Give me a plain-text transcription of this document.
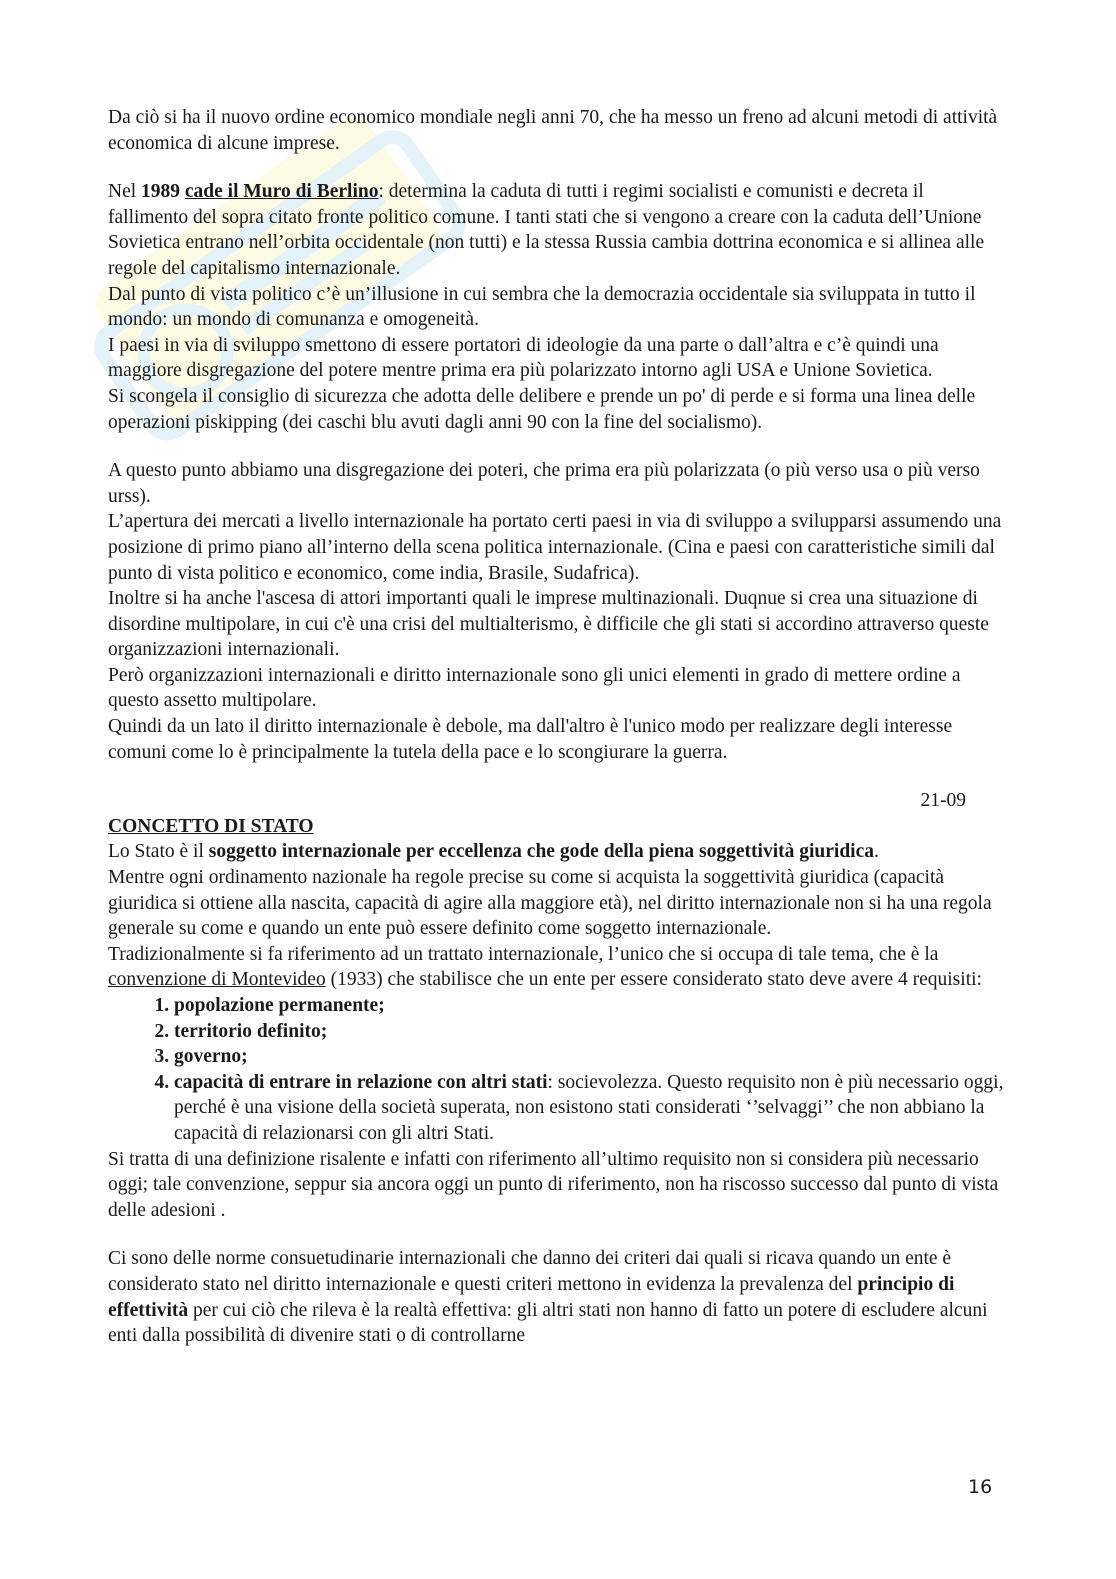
Da ciò si ha il nuovo ordine economico mondiale negli anni 70, che ha messo un freno ad alcuni metodi di attività economica di alcune imprese.

Nel 1989 cade il Muro di Berlino: determina la caduta di tutti i regimi socialisti e comunisti e decreta il fallimento del sopra citato fronte politico comune. I tanti stati che si vengono a creare con la caduta dell’Unione Sovietica entrano nell’orbita occidentale (non tutti) e la stessa Russia cambia dottrina economica e si allinea alle regole del capitalismo internazionale.

Dal punto di vista politico c’è un’illusione in cui sembra che la democrazia occidentale sia sviluppata in tutto il mondo: un mondo di comunanza e omogeneità.

I paesi in via di sviluppo smettono di essere portatori di ideologie da una parte o dall’altra e c’è quindi una maggiore disgregazione del potere mentre prima era più polarizzato intorno agli USA e Unione Sovietica.

Si scongela il consiglio di sicurezza che adotta delle delibere e prende un po' di perde e si forma una linea delle operazioni piskipping (dei caschi blu avuti dagli anni 90 con la fine del socialismo).

A questo punto abbiamo una disgregazione dei poteri, che prima era più polarizzata (o più verso usa o più verso urss).

L’apertura dei mercati a livello internazionale ha portato certi paesi in via di sviluppo a svilupparsi assumendo una posizione di primo piano all’interno della scena politica internazionale. (Cina e paesi con caratteristiche simili dal punto di vista politico e economico, come india, Brasile, Sudafrica).

Inoltre si ha anche l'ascesa di attori importanti quali le imprese multinazionali. Duqnue si crea una situazione di disordine multipolare, in cui c'è una crisi del multialterismo, è difficile che gli stati si accordino attraverso queste organizzazioni internazionali.

Però organizzazioni internazionali e diritto internazionale sono gli unici elementi in grado di mettere ordine a questo assetto multipolare.

Quindi da un lato il diritto internazionale è debole, ma dall'altro è l'unico modo per realizzare degli interesse comuni come lo è principalmente la tutela della pace e lo scongiurare la guerra.

21-09

CONCETTO DI STATO

Lo Stato è il soggetto internazionale per eccellenza che gode della piena soggettività giuridica.

Mentre ogni ordinamento nazionale ha regole precise su come si acquista la soggettività giuridica (capacità giuridica si ottiene alla nascita, capacità di agire alla maggiore età), nel diritto internazionale non si ha una regola generale su come e quando un ente può essere definito come soggetto internazionale.

Tradizionalmente si fa riferimento ad un trattato internazionale, l’unico che si occupa di tale tema, che è la convenzione di Montevideo (1933) che stabilisce che un ente per essere considerato stato deve avere 4 requisiti:

1. popolazione permanente;
2. territorio definito;
3. governo;
4. capacità di entrare in relazione con altri stati: socievolezza. Questo requisito non è più necessario oggi, perché è una visione della società superata, non esistono stati considerati ‘’selvaggi’’ che non abbiano la capacità di relazionarsi con gli altri Stati.

Si tratta di una definizione risalente e infatti con riferimento all’ultimo requisito non si considera più necessario oggi; tale convenzione, seppur sia ancora oggi un punto di riferimento, non ha riscosso successo dal punto di vista delle adesioni .

Ci sono delle norme consuetudinarie internazionali che danno dei criteri dai quali si ricava quando un ente è considerato stato nel diritto internazionale e questi criteri mettono in evidenza la prevalenza del principio di effettività per cui ciò che rileva è la realtà effettiva: gli altri stati non hanno di fatto un potere di escludere alcuni enti dalla possibilità di divenire stati o di controllarne

16
